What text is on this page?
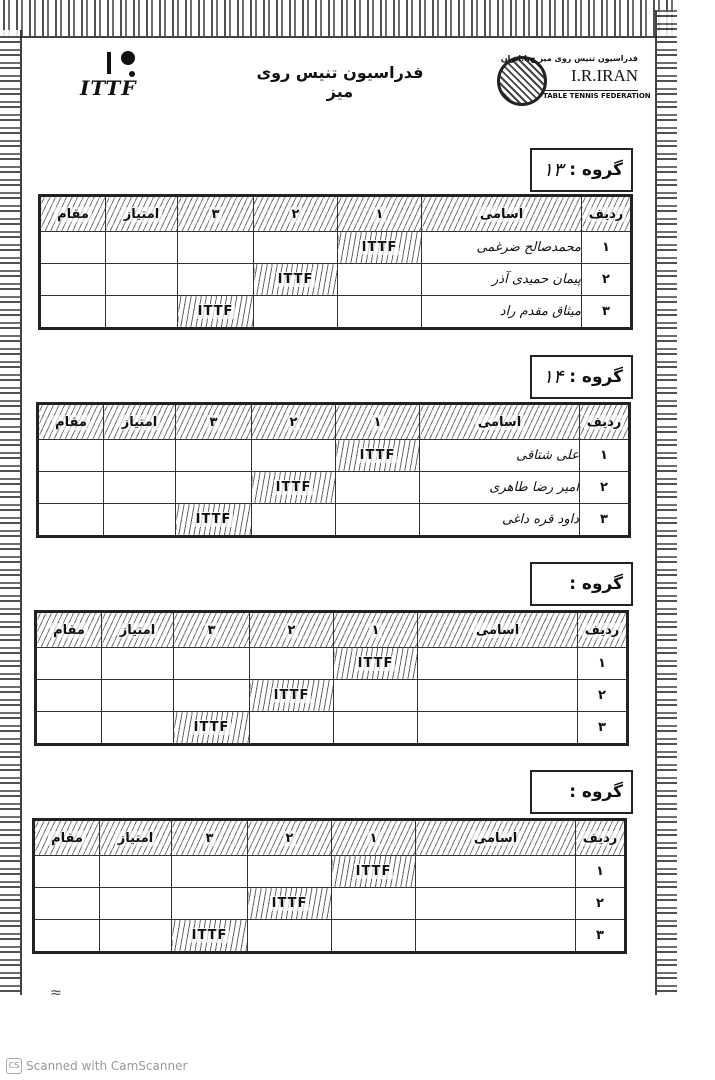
ITTF
فدراسیون تنیس روی میز
فدراسیون تنیس روی میز ج.ا.ایران
I.R.IRAN
TABLE TENNIS FEDERATION
گروه :
۱۳
ردیف	اسامی	۱	۲	۳	امتیاز	مقام
۱	محمدصالح ضرغمی	ITTF				
۲	پیمان حمیدی آذر		ITTF			
۳	میثاق مقدم راد			ITTF		
گروه :
۱۴
ردیف	اسامی	۱	۲	۳	امتیاز	مقام
۱	علی شتاقی	ITTF				
۲	امیر رضا طاهری		ITTF			
۳	داود قره داغی			ITTF		
گروه :
ردیف	اسامی	۱	۲	۳	امتیاز	مقام
۱		ITTF				
۲			ITTF			
۳				ITTF		
گروه :
ردیف	اسامی	۱	۲	۳	امتیاز	مقام
۱		ITTF				
۲			ITTF			
۳				ITTF		
≈
CS Scanned with CamScanner
